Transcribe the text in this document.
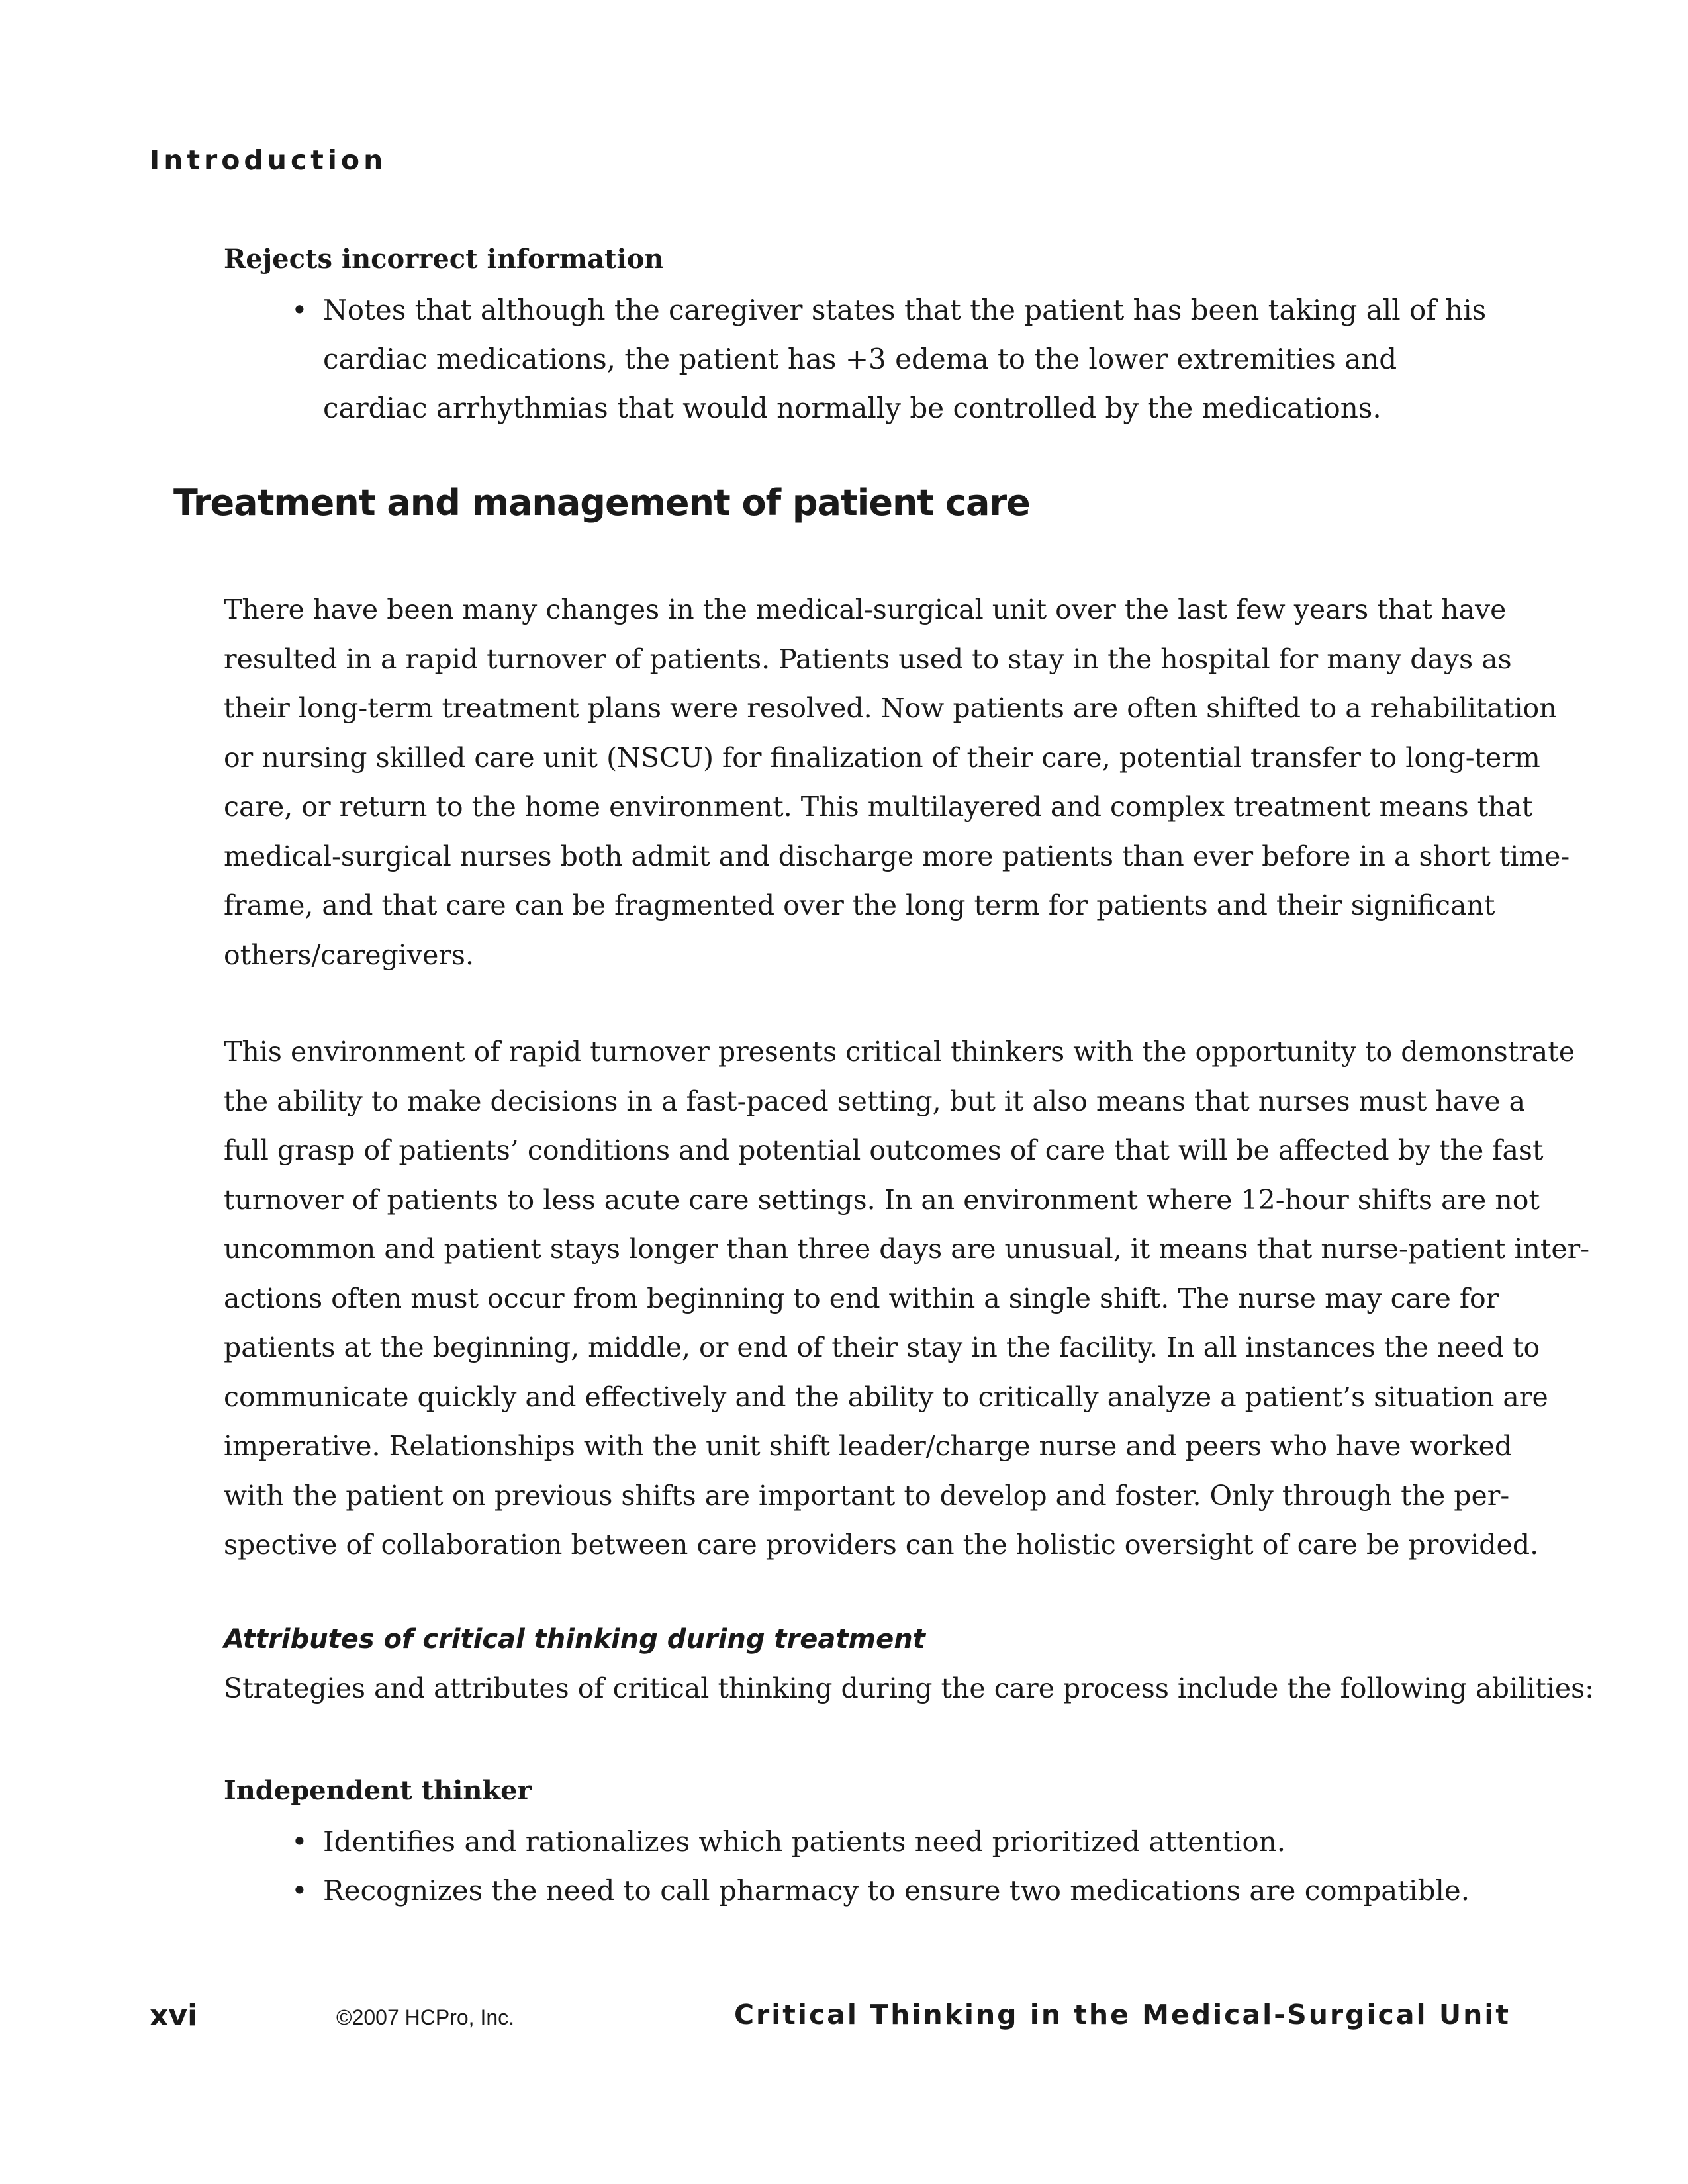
Introduction

Rejects incorrect information
• Notes that although the caregiver states that the patient has been taking all of his cardiac medications, the patient has +3 edema to the lower extremities and cardiac arrhythmias that would normally be controlled by the medications.
Treatment and management of patient care

There have been many changes in the medical-surgical unit over the last few years that have
resulted in a rapid turnover of patients. Patients used to stay in the hospital for many days as
their long-term treatment plans were resolved. Now patients are often shifted to a rehabilitation
or nursing skilled care unit (NSCU) for finalization of their care, potential transfer to long-term
care, or return to the home environment. This multilayered and complex treatment means that
medical-surgical nurses both admit and discharge more patients than ever before in a short time-
frame, and that care can be fragmented over the long term for patients and their significant
others/caregivers.

This environment of rapid turnover presents critical thinkers with the opportunity to demonstrate
the ability to make decisions in a fast-paced setting, but it also means that nurses must have a
full grasp of patients’ conditions and potential outcomes of care that will be affected by the fast
turnover of patients to less acute care settings. In an environment where 12-hour shifts are not
uncommon and patient stays longer than three days are unusual, it means that nurse-patient inter-
actions often must occur from beginning to end within a single shift. The nurse may care for
patients at the beginning, middle, or end of their stay in the facility. In all instances the need to
communicate quickly and effectively and the ability to critically analyze a patient’s situation are
imperative. Relationships with the unit shift leader/charge nurse and peers who have worked
with the patient on previous shifts are important to develop and foster. Only through the per-
spective of collaboration between care providers can the holistic oversight of care be provided.

Attributes of critical thinking during treatment

Strategies and attributes of critical thinking during the care process include the following abilities:

Independent thinker
• Identifies and rationalizes which patients need prioritized attention.
• Recognizes the need to call pharmacy to ensure two medications are compatible.

xvi	©2007 HCPro, Inc.	Critical Thinking in the Medical-Surgical Unit
